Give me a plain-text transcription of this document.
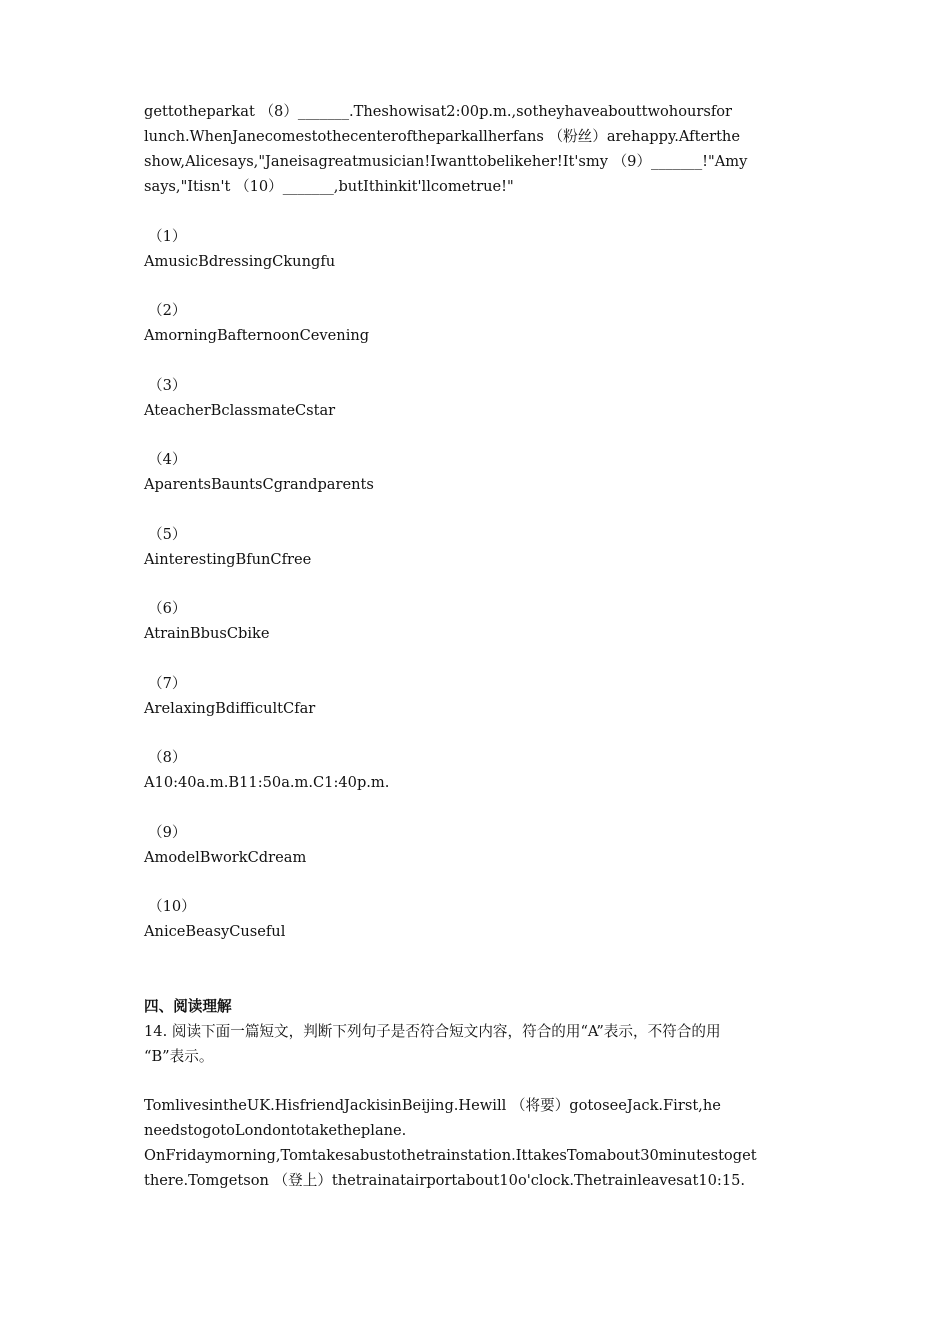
gettotheparkat （8）_______.Theshowisat2:00p.m.,sotheyhaveabouttwohoursfor
lunch.WhenJanecomestothecenteroftheparkallherfans （粉丝）arehappy.Afterthe
show,Alicesays,"Janeisagreatmusician!Iwanttobelikeher!It'smy （9）_______!"Amy
says,"Itisn't （10）_______,butIthinkit'llcometrue!"
（1）
AmusicBdressingCkungfu
（2）
AmorningBafternoonCevening
（3）
AteacherBclassmateCstar
（4）
AparentsBauntsCgrandparents
（5）
AinterestingBfunCfree
（6）
AtrainBbusCbike
（7）
ArelaxingBdifficultCfar
（8）
A10:40a.m.B11:50a.m.C1:40p.m.
（9）
AmodelBworkCdream
（10）
AniceBeasyCuseful
四、阅读理解
14. 阅读下面一篇短文，判断下列句子是否符合短文内容，符合的用“A”表示，不符合的用
“B”表示。
TomlivesintheUK.HisfriendJackisinBeijing.Hewill （将要）gotoseeJack.First,he
needstogotoLondontotaketheplane.
OnFridaymorning,Tomtakesabustothetrainstation.IttakesTomabout30minutestoget
there.Tomgetson （登上）thetrainatairportabout10o'clock.Thetrainleavesat10:15.
